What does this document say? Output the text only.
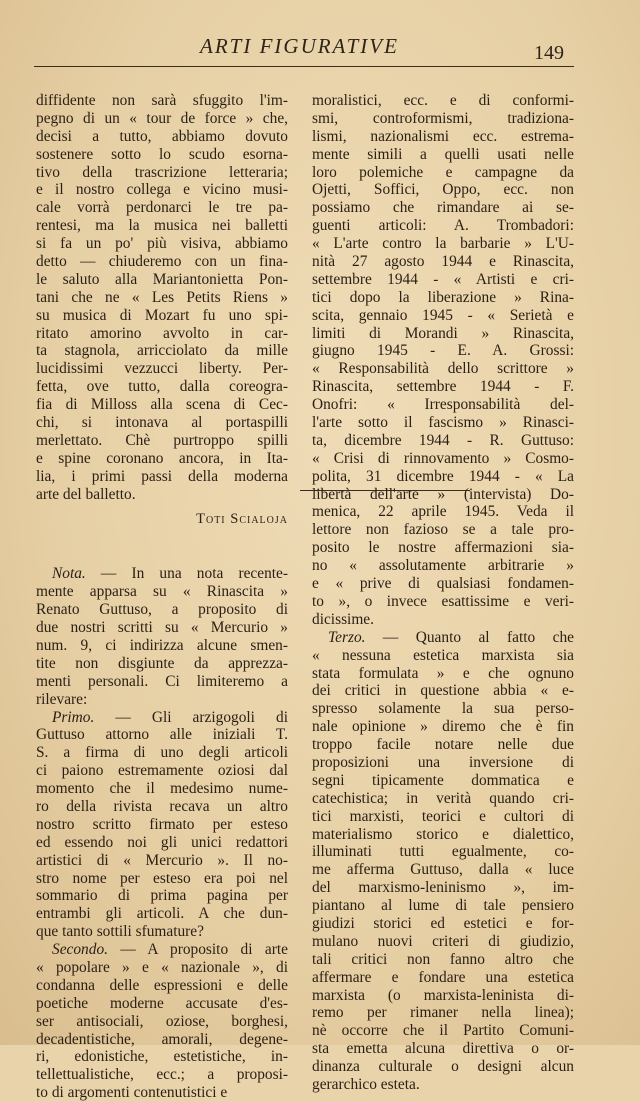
ARTI FIGURATIVE	149
diffidente non sarà sfuggito l'im-
pegno di un « tour de force » che,
decisi a tutto, abbiamo dovuto
sostenere sotto lo scudo esorna-
tivo della trascrizione letteraria;
e il nostro collega e vicino musi-
cale vorrà perdonarci le tre pa-
rentesi, ma la musica nei balletti
si fa un po' più visiva, abbiamo
detto — chiuderemo con un fina-
le saluto alla Mariantonietta Pon-
tani che ne « Les Petits Riens »
su musica di Mozart fu uno spi-
ritato amorino avvolto in car-
ta stagnola, arricciolato da mille
lucidissimi vezzucci liberty. Per-
fetta, ove tutto, dalla coreogra-
fia di Milloss alla scena di Cec-
chi, si intonava al portaspilli
merlettato. Chè purtroppo spilli
e spine coronano ancora, in Ita-
lia, i primi passi della moderna
arte del balletto.
Toti Scialoja
Nota. — In una nota recente-
mente apparsa su « Rinascita »
Renato Guttuso, a proposito di
due nostri scritti su « Mercurio »
num. 9, ci indirizza alcune smen-
tite non disgiunte da apprezza-
menti personali. Ci limiteremo a
rilevare:
Primo. — Gli arzigogoli di
Guttuso attorno alle iniziali T.
S. a firma di uno degli articoli
ci paiono estremamente oziosi dal
momento che il medesimo nume-
ro della rivista recava un altro
nostro scritto firmato per esteso
ed essendo noi gli unici redattori
artistici di « Mercurio ». Il no-
stro nome per esteso era poi nel
sommario di prima pagina per
entrambi gli articoli. A che dun-
que tanto sottili sfumature?
Secondo. — A proposito di arte
« popolare » e « nazionale », di
condanna delle espressioni e delle
poetiche moderne accusate d'es-
ser antisociali, oziose, borghesi,
decadentistiche, amorali, degene-
ri, edonistiche, estetistiche, in-
tellettualistiche, ecc.; a proposi-
to di argomenti contenutistici e
moralistici, ecc. e di conformi-
smi, controformismi, tradiziona-
lismi, nazionalismi ecc. estrema-
mente simili a quelli usati nelle
loro polemiche e campagne da
Ojetti, Soffici, Oppo, ecc. non
possiamo che rimandare ai se-
guenti articoli: A. Trombadori:
« L'arte contro la barbarie » L'U-
nità 27 agosto 1944 e Rinascita,
settembre 1944 - « Artisti e cri-
tici dopo la liberazione » Rina-
scita, gennaio 1945 - « Serietà e
limiti di Morandi » Rinascita,
giugno 1945 - E. A. Grossi:
« Responsabilità dello scrittore »
Rinascita, settembre 1944 - F.
Onofri: « Irresponsabilità del-
l'arte sotto il fascismo » Rinasci-
ta, dicembre 1944 - R. Guttuso:
« Crisi di rinnovamento » Cosmo-
polita, 31 dicembre 1944 - « La
libertà dell'arte » (intervista) Do-
menica, 22 aprile 1945. Veda il
lettore non fazioso se a tale pro-
posito le nostre affermazioni sia-
no « assolutamente arbitrarie »
e « prive di qualsiasi fondamen-
to », o invece esattissime e veri-
dicissime.
Terzo. — Quanto al fatto che
« nessuna estetica marxista sia
stata formulata » e che ognuno
dei critici in questione abbia « e-
spresso solamente la sua perso-
nale opinione » diremo che è fin
troppo facile notare nelle due
proposizioni una inversione di
segni tipicamente dommatica e
catechistica; in verità quando cri-
tici marxisti, teorici e cultori di
materialismo storico e dialettico,
illuminati tutti egualmente, co-
me afferma Guttuso, dalla « luce
del marxismo-leninismo », im-
piantano al lume di tale pensiero
giudizi storici ed estetici e for-
mulano nuovi criteri di giudizio,
tali critici non fanno altro che
affermare e fondare una estetica
marxista (o marxista-leninista di-
remo per rimaner nella linea);
nè occorre che il Partito Comuni-
sta emetta alcuna direttiva o or-
dinanza culturale o designi alcun
gerarchico esteta.
